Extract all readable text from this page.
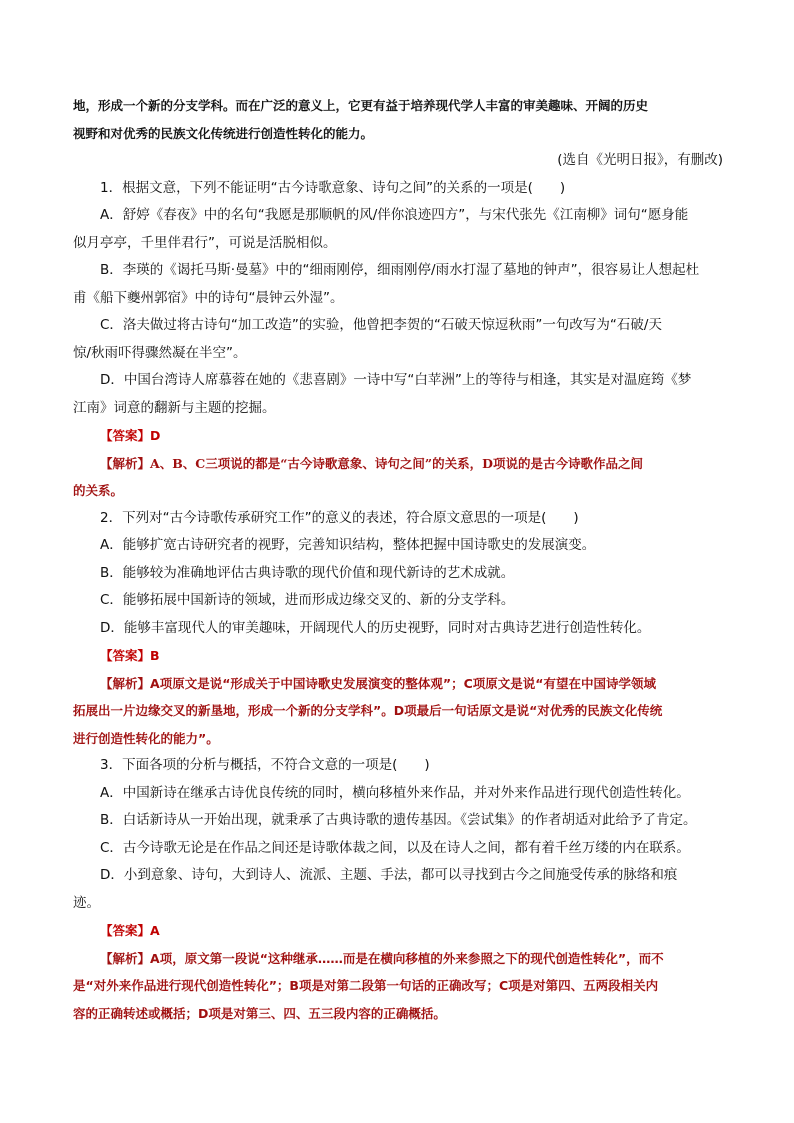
地，形成一个新的分支学科。而在广泛的意义上，它更有益于培养现代学人丰富的审美趣味、开阔的历史
视野和对优秀的民族文化传统进行创造性转化的能力。
(选自《光明日报》，有删改)
1．根据文意，下列不能证明“古今诗歌意象、诗句之间”的关系的一项是(　　)
A．舒婷《春夜》中的名句“我愿是那顺帆的风/伴你浪迹四方”，与宋代张先《江南柳》词句“愿身能
似月亭亭，千里伴君行”，可说是活脱相似。
B．李瑛的《谒托马斯·曼墓》中的“细雨刚停，细雨刚停/雨水打湿了墓地的钟声”，很容易让人想起杜
甫《船下夔州郭宿》中的诗句“晨钟云外湿”。
C．洛夫做过将古诗句“加工改造”的实验，他曾把李贺的“石破天惊逗秋雨”一句改写为“石破/天
惊/秋雨吓得骤然凝在半空”。
D．中国台湾诗人席慕蓉在她的《悲喜剧》一诗中写“白苹洲”上的等待与相逢，其实是对温庭筠《梦
江南》词意的翻新与主题的挖掘。
【答案】D
【解析】A、B、C三项说的都是“古今诗歌意象、诗句之间”的关系，D项说的是古今诗歌作品之间
的关系。
2．下列对“古今诗歌传承研究工作”的意义的表述，符合原文意思的一项是(　　)
A．能够扩宽古诗研究者的视野，完善知识结构，整体把握中国诗歌史的发展演变。
B．能够较为准确地评估古典诗歌的现代价值和现代新诗的艺术成就。
C．能够拓展中国新诗的领域，进而形成边缘交叉的、新的分支学科。
D．能够丰富现代人的审美趣味，开阔现代人的历史视野，同时对古典诗艺进行创造性转化。
【答案】B
【解析】A项原文是说“形成关于中国诗歌史发展演变的整体观”；C项原文是说“有望在中国诗学领域
拓展出一片边缘交叉的新垦地，形成一个新的分支学科”。D项最后一句话原文是说“对优秀的民族文化传统
进行创造性转化的能力”。
3．下面各项的分析与概括，不符合文意的一项是(　　)
A．中国新诗在继承古诗优良传统的同时，横向移植外来作品，并对外来作品进行现代创造性转化。
B．白话新诗从一开始出现，就秉承了古典诗歌的遗传基因。《尝试集》的作者胡适对此给予了肯定。
C．古今诗歌无论是在作品之间还是诗歌体裁之间，以及在诗人之间，都有着千丝万缕的内在联系。
D．小到意象、诗句，大到诗人、流派、主题、手法，都可以寻找到古今之间施受传承的脉络和痕
迹。
【答案】A
【解析】A项，原文第一段说“这种继承……而是在横向移植的外来参照之下的现代创造性转化”，而不
是“对外来作品进行现代创造性转化”；B项是对第二段第一句话的正确改写；C项是对第四、五两段相关内
容的正确转述或概括；D项是对第三、四、五三段内容的正确概括。
